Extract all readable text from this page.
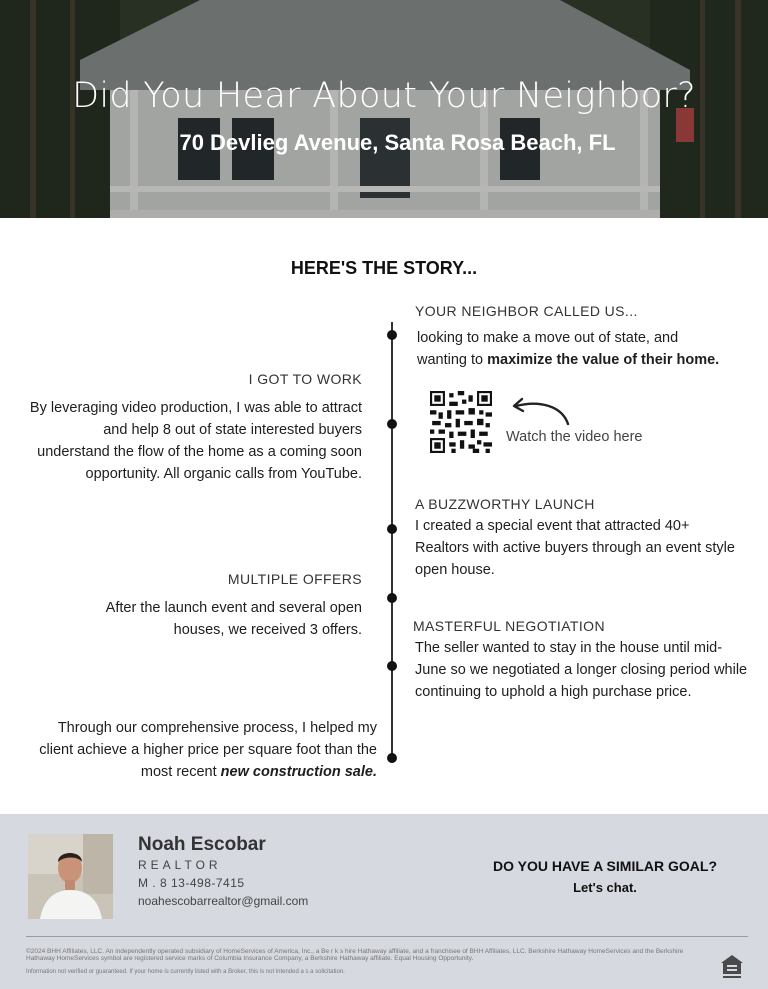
Did You Hear About Your Neighbor?
70 Devlieg Avenue, Santa Rosa Beach, FL
HERE'S THE STORY...
YOUR NEIGHBOR CALLED US...
looking to make a move out of state, and
wanting to maximize the value of their home.
I GOT TO WORK
By leveraging video production, I was able to attract and help 8 out of state interested buyers understand the flow of the home as a coming soon opportunity. All organic calls from YouTube.
Watch the video here
A BUZZWORTHY LAUNCH
I created a special event that attracted 40+ Realtors with active buyers through an event style open house.
MULTIPLE OFFERS
After the launch event and several open houses, we received 3 offers.	MASTERFUL NEGOTIATION
The seller wanted to stay in the house until mid-June so we negotiated a longer closing period while continuing to uphold a high purchase price.
Through our comprehensive process, I helped my client achieve a higher price per square foot than the most recent new construction sale.
Noah Escobar
REALTOR
M . 8 13-498-7415
noahescobarrealtor@gmail.com
DO YOU HAVE A SIMILAR GOAL?
Let's chat.
©2024 BHH Affiliates, LLC. An independently operated subsidiary of HomeServices of America, Inc., a Be r k s hire Hathaway affiliate, and a franchisee of BHH Affiliates, LLC. Berkshire Hathaway HomeServices and the Berkshire Hathaway HomeServices symbol are registered service marks of Columbia Insurance Company, a Berkshire Hathaway affiliate. Equal Housing Opportunity.
Information not verified or guaranteed. If your home is currently listed with a Broker, this is not intended a s a solicitation.
